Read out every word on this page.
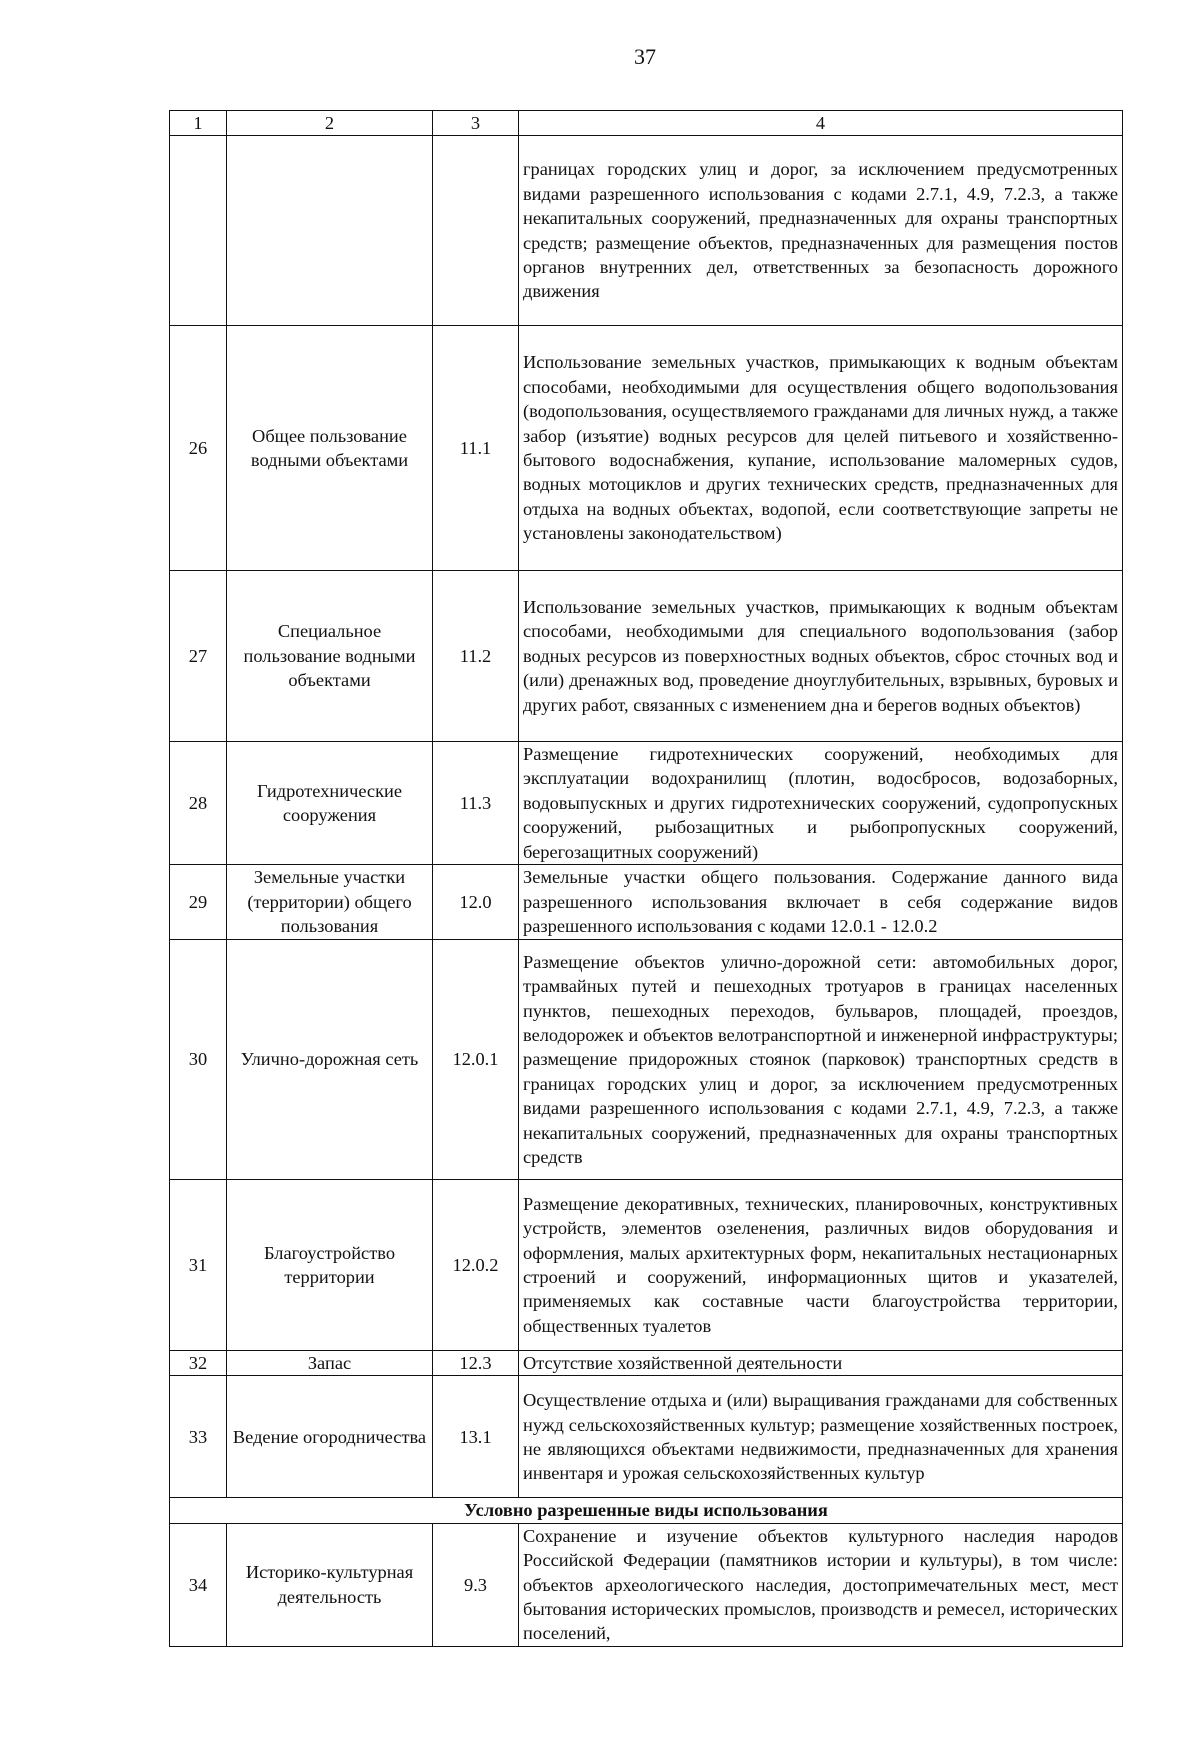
37
1	2	3	4
			границах городских улиц и дорог, за исключением предусмотренных видами разрешенного использования с кодами 2.7.1, 4.9, 7.2.3, а также некапитальных сооружений, предназначенных для охраны транспортных средств; размещение объектов, предназначенных для размещения постов органов внутренних дел, ответственных за безопасность дорожного движения
26	Общее пользование водными объектами	11.1	Использование земельных участков, примыкающих к водным объектам способами, необходимыми для осуществления общего водопользования (водопользования, осуществляемого гражданами для личных нужд, а также забор (изъятие) водных ресурсов для целей питьевого и хозяйственно-бытового водоснабжения, купание, использование маломерных судов, водных мотоциклов и других технических средств, предназначенных для отдыха на водных объектах, водопой, если соответствующие запреты не установлены законодательством)
27	Специальное пользование водными объектами	11.2	Использование земельных участков, примыкающих к водным объектам способами, необходимыми для специального водопользования (забор водных ресурсов из поверхностных водных объектов, сброс сточных вод и (или) дренажных вод, проведение дноуглубительных, взрывных, буровых и других работ, связанных с изменением дна и берегов водных объектов)
28	Гидротехнические сооружения	11.3	Размещение гидротехнических сооружений, необходимых для эксплуатации водохранилищ (плотин, водосбросов, водозаборных, водовыпускных и других гидротехнических сооружений, судопропускных сооружений, рыбозащитных и рыбопропускных сооружений, берегозащитных сооружений)
29	Земельные участки (территории) общего пользования	12.0	Земельные участки общего пользования. Содержание данного вида разрешенного использования включает в себя содержание видов разрешенного использования с кодами 12.0.1 - 12.0.2
30	Улично-дорожная сеть	12.0.1	Размещение объектов улично-дорожной сети: автомобильных дорог, трамвайных путей и пешеходных тротуаров в границах населенных пунктов, пешеходных переходов, бульваров, площадей, проездов, велодорожек и объектов велотранспортной и инженерной инфраструктуры; размещение придорожных стоянок (парковок) транспортных средств в границах городских улиц и дорог, за исключением предусмотренных видами разрешенного использования с кодами 2.7.1, 4.9, 7.2.3, а также некапитальных сооружений, предназначенных для охраны транспортных средств
31	Благоустройство территории	12.0.2	Размещение декоративных, технических, планировочных, конструктивных устройств, элементов озеленения, различных видов оборудования и оформления, малых архитектурных форм, некапитальных нестационарных строений и сооружений, информационных щитов и указателей, применяемых как составные части благоустройства территории, общественных туалетов
32	Запас	12.3	Отсутствие хозяйственной деятельности
33	Ведение огородничества	13.1	Осуществление отдыха и (или) выращивания гражданами для собственных нужд сельскохозяйственных культур; размещение хозяйственных построек, не являющихся объектами недвижимости, предназначенных для хранения инвентаря и урожая сельскохозяйственных культур
Условно разрешенные виды использования			
34	Историко-культурная деятельность	9.3	Сохранение и изучение объектов культурного наследия народов Российской Федерации (памятников истории и культуры), в том числе: объектов археологического наследия, достопримечательных мест, мест бытования исторических промыслов, производств и ремесел, исторических поселений,
